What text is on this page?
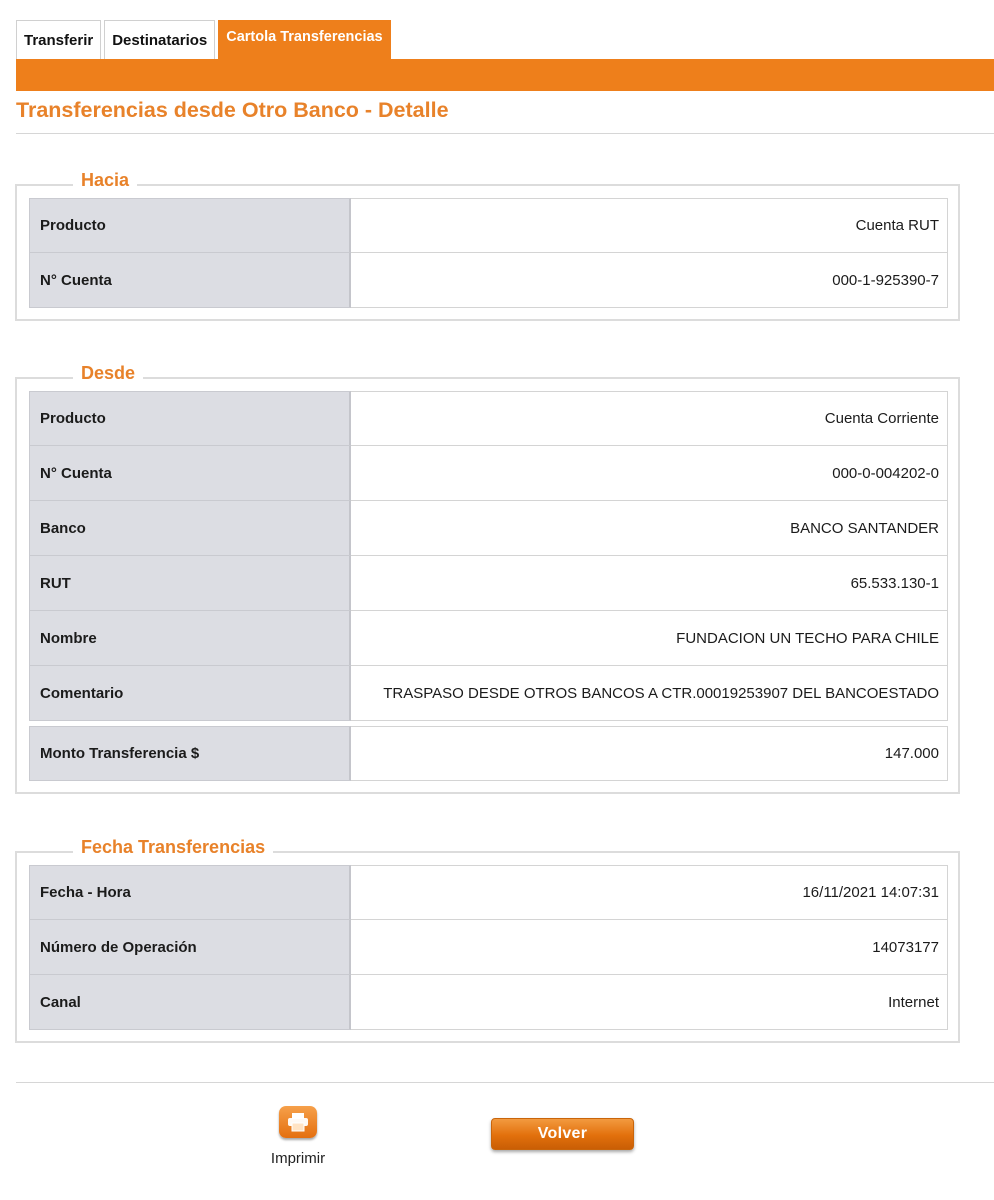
Transferir	Destinatarios	Cartola Transferencias
Transferencias desde Otro Banco - Detalle
Hacia
Producto	Cuenta RUT
N° Cuenta	000-1-925390-7
Desde
Producto	Cuenta Corriente
N° Cuenta	000-0-004202-0
Banco	BANCO SANTANDER
RUT	65.533.130-1
Nombre	FUNDACION UN TECHO PARA CHILE
Comentario	TRASPASO DESDE OTROS BANCOS A CTR.00019253907 DEL BANCOESTADO
Monto Transferencia $	147.000
Fecha Transferencias
Fecha - Hora	16/11/2021 14:07:31
Número de Operación	14073177
Canal	Internet
Imprimir
Volver
